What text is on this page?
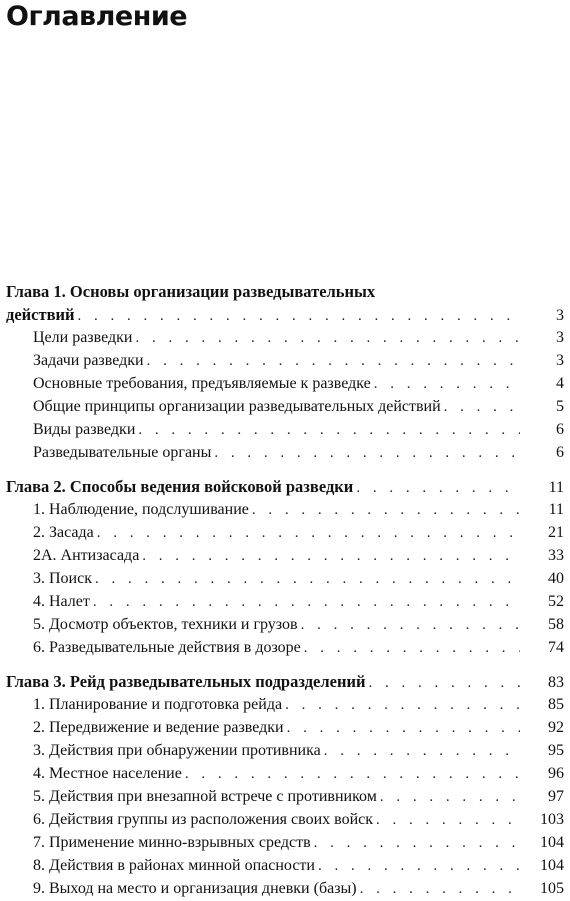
Оглавление
Глава 1. Основы организации разведывательных
действий . . .	3
Цели разведки . . .	3
Задачи разведки . . .	3
Основные требования, предъявляемые к разведке . . .	4
Общие принципы организации разведывательных действий . . .	5
Виды разведки . . .	6
Разведывательные органы . . .	6
Глава 2. Способы ведения войсковой разведки . . .	11
1. Наблюдение, подслушивание . . .	11
2. Засада . . .	21
2А. Антизасада . . .	33
3. Поиск . . .	40
4. Налет . . .	52
5. Досмотр объектов, техники и грузов . . .	58
6. Разведывательные действия в дозоре . . .	74
Глава 3. Рейд разведывательных подразделений . . .	83
1. Планирование и подготовка рейда . . .	85
2. Передвижение и ведение разведки . . .	92
3. Действия при обнаружении противника . . .	95
4. Местное население . . .	96
5. Действия при внезапной встрече с противником . . .	97
6. Действия группы из расположения своих войск . . .	103
7. Применение минно-взрывных средств . . .	104
8. Действия в районах минной опасности . . .	104
9. Выход на место и организация дневки (базы) . . .	105
